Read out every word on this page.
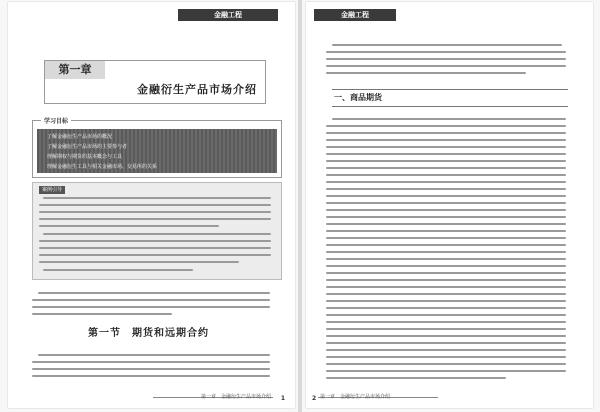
金融工程
第一章
金融衍生产品市场介绍
学习目标
了解金融衍生产品市场的概况
了解金融衍生产品市场的主要参与者
理解期权与期货的基本概念与工具
理解金融衍生工具与相关金融市场、交易所的关系
案例引导
第一节　期货和远期合约
第一章　金融衍生产品市场介绍 1
金融工程
一、商品期货
第一章　金融衍生产品市场介绍
2
